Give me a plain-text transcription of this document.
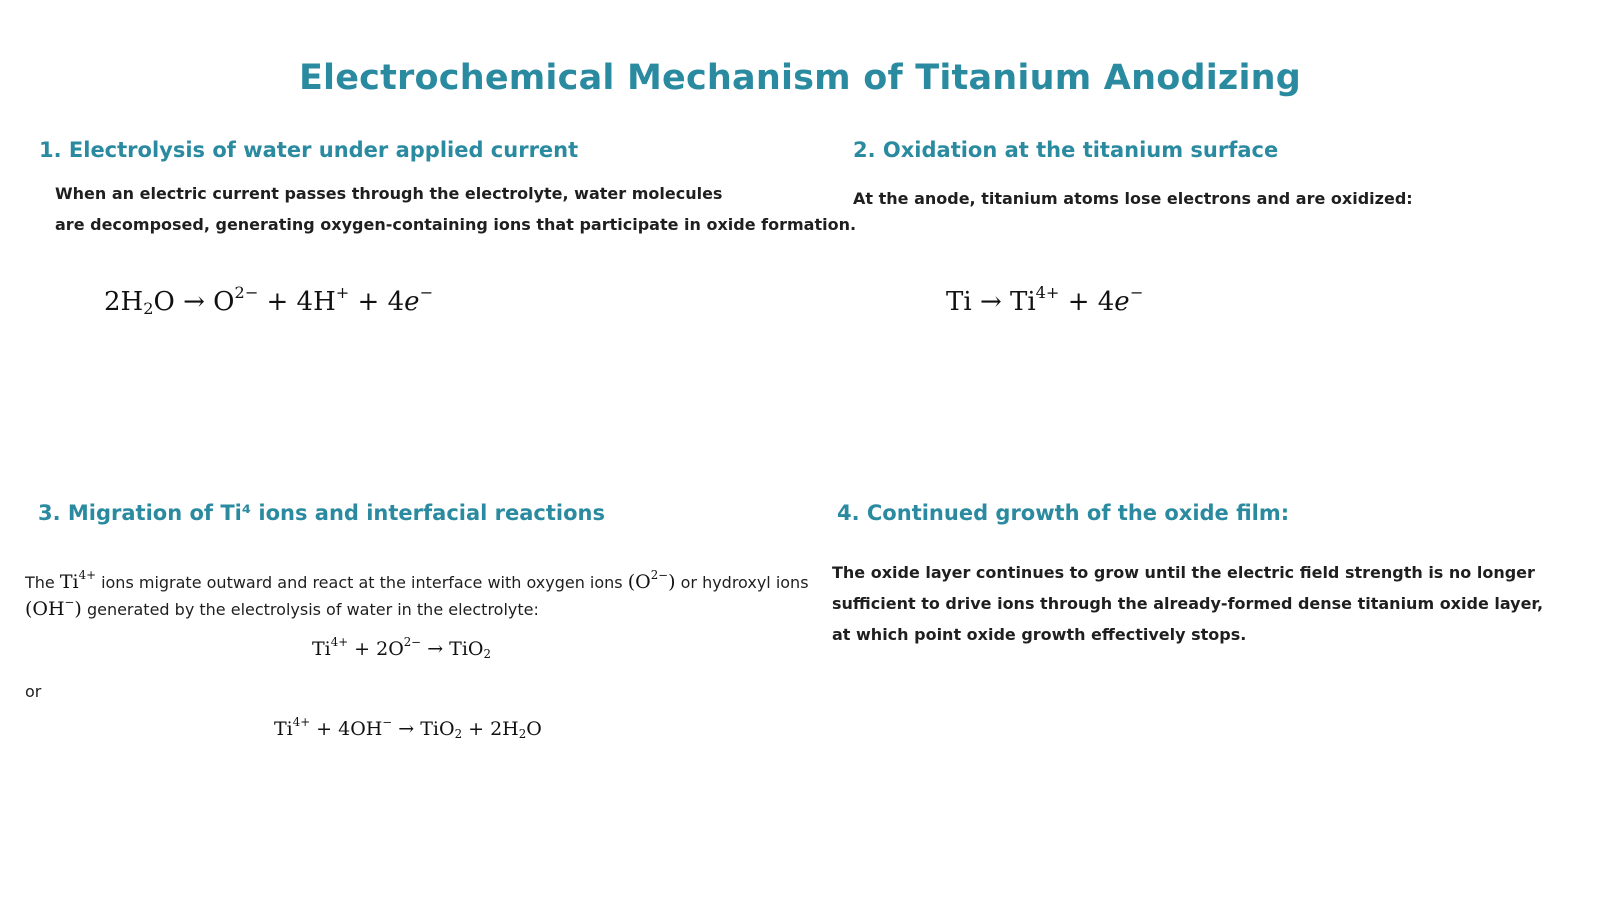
Electrochemical Mechanism of Titanium Anodizing
1. Electrolysis of water under applied current
When an electric current passes through the electrolyte, water molecules
are decomposed, generating oxygen-containing ions that participate in oxide formation.
$2H_2O \to O^{2-} + 4H^+ + 4e^-$
2. Oxidation at the titanium surface
At the anode, titanium atoms lose electrons and are oxidized:
$Ti \to Ti^{4+} + 4e^-$
3. Migration of Ti⁴ ions and interfacial reactions
The $Ti^{4+}$ ions migrate outward and react at the interface with oxygen ions $(O^{2-})$ or hydroxyl ions
(OH−) generated by the electrolysis of water in the electrolyte:
$Ti^{4+} + 2O^{2-} \to TiO_2$
or
$Ti^{4+} + 4OH^- \to TiO_2 + 2H_2O$
4. Continued growth of the oxide film:
The oxide layer continues to grow until the electric field strength is no longer
sufficient to drive ions through the already-formed dense titanium oxide layer,
at which point oxide growth effectively stops.
